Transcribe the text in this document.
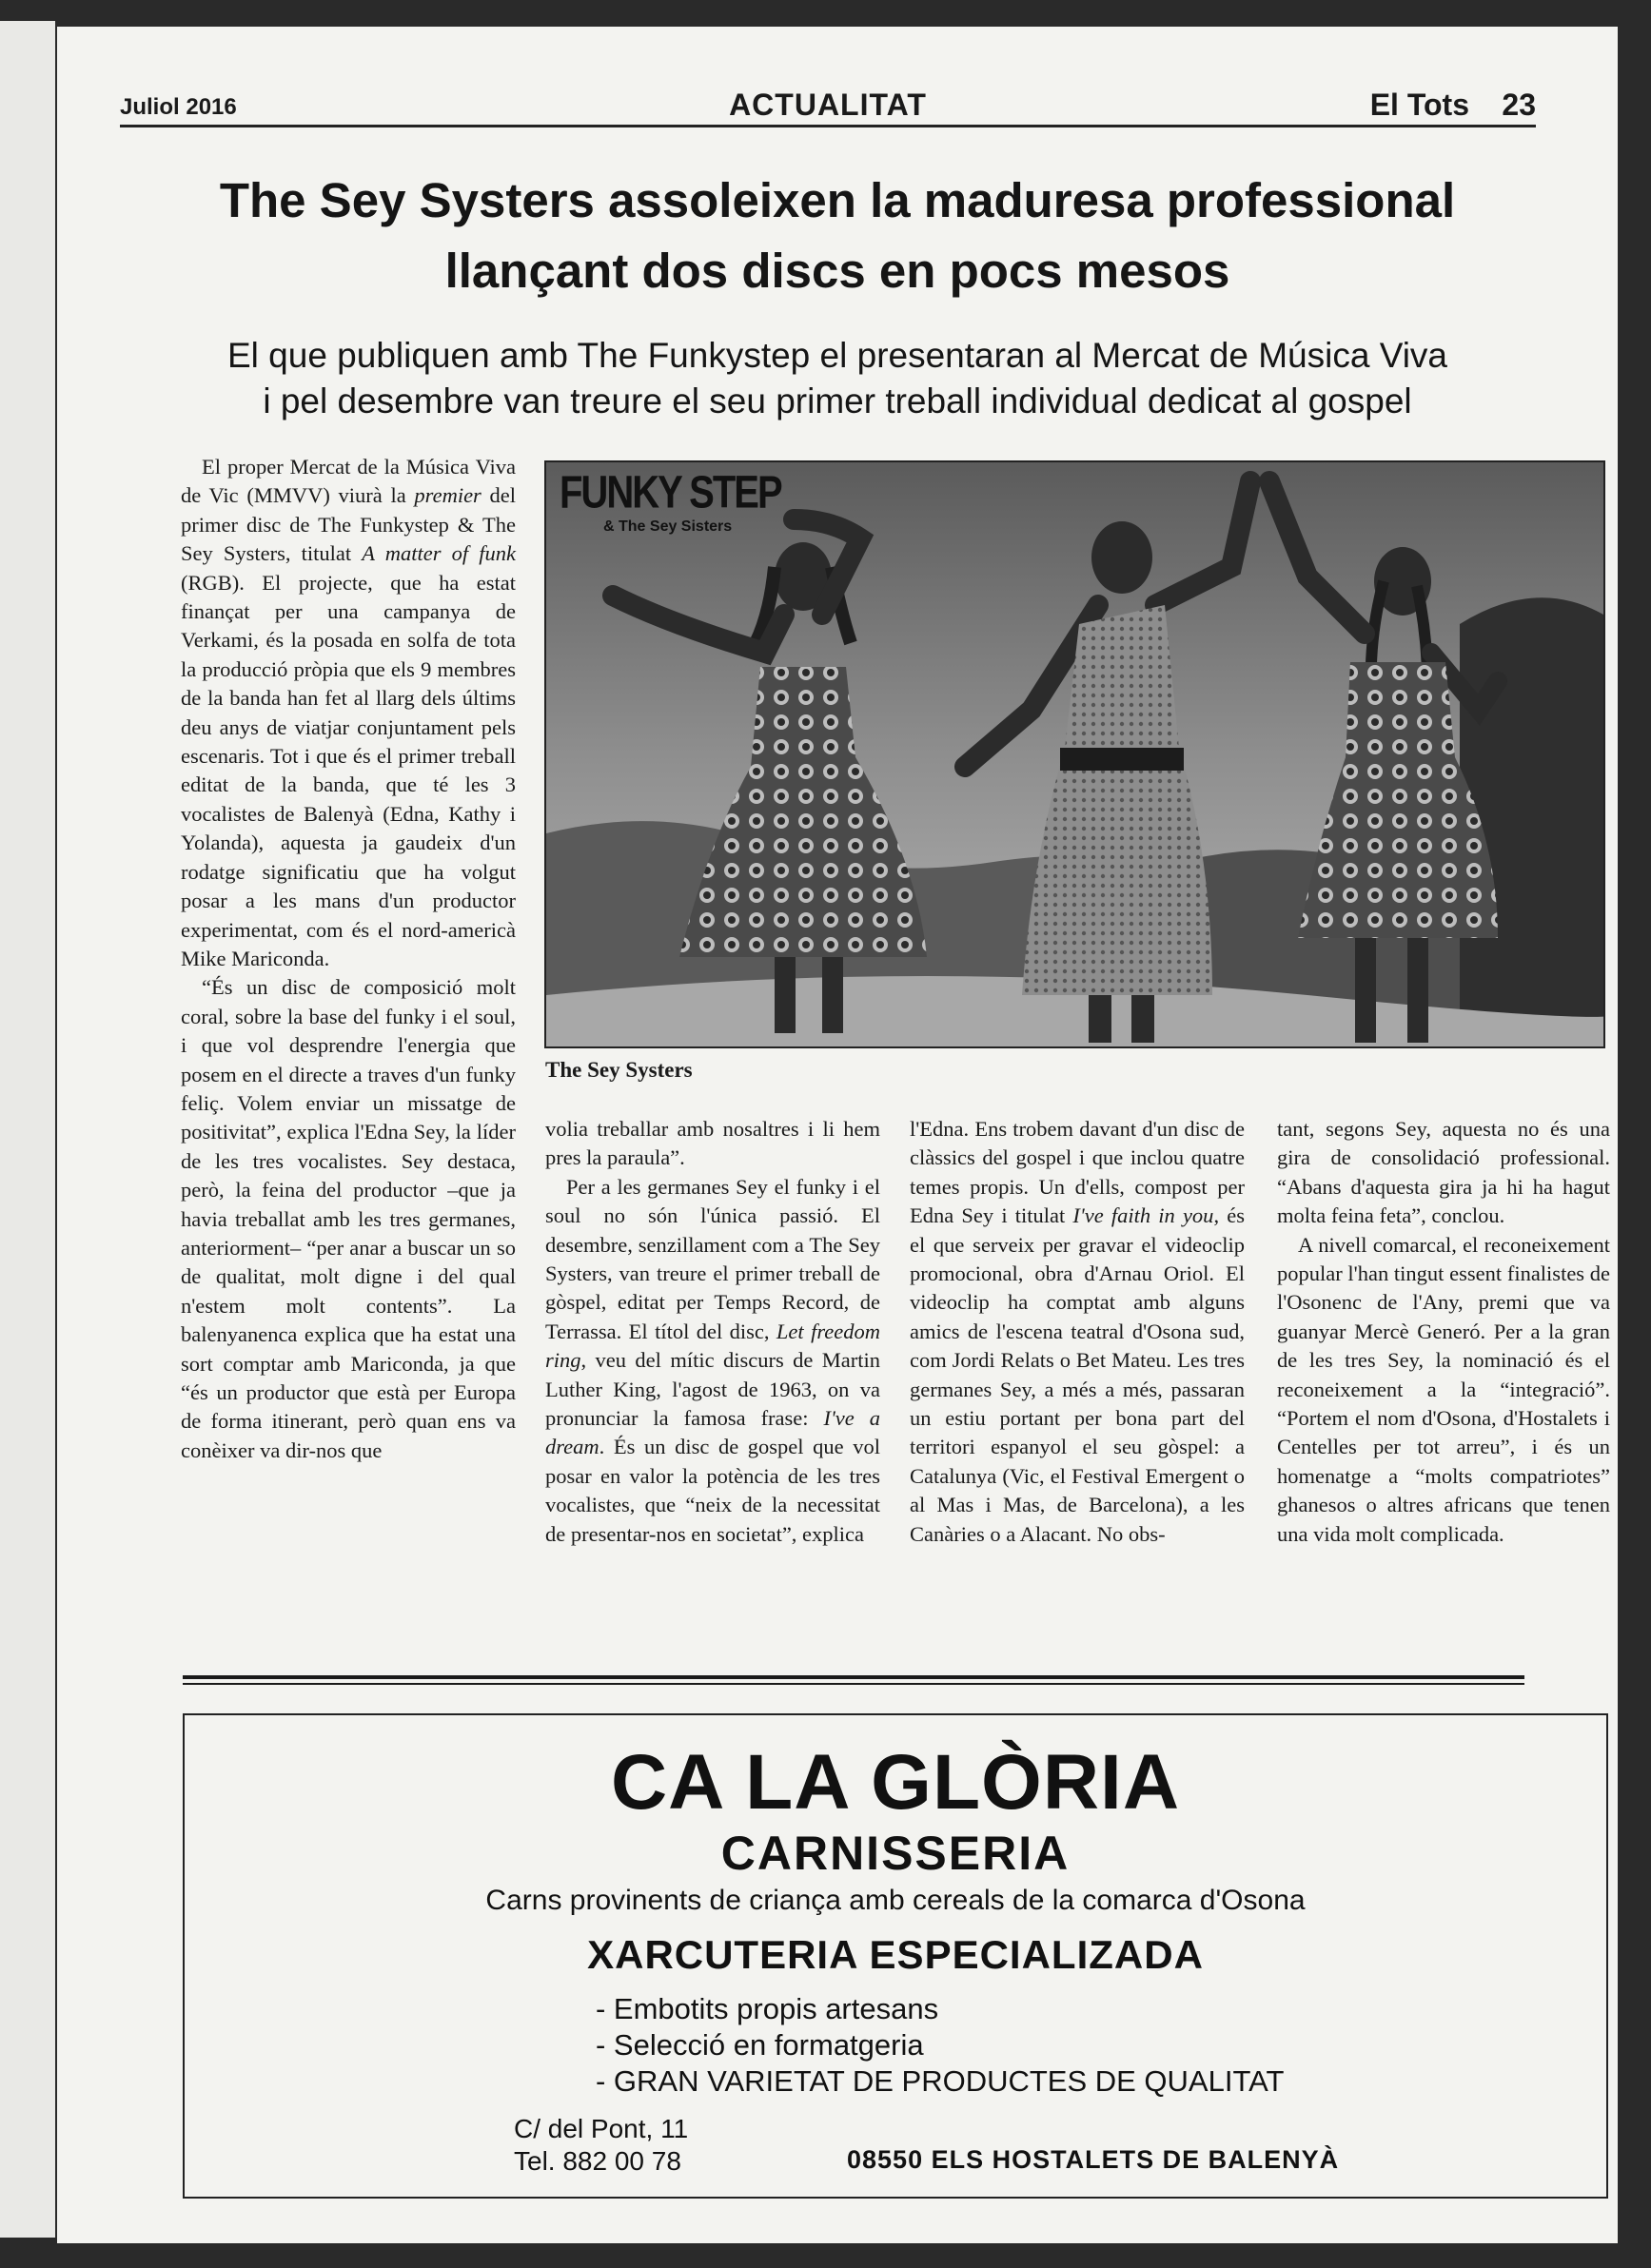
Juliol 2016	ACTUALITAT	El Tots 23
The Sey Systers assoleixen la maduresa professional
llançant dos discs en pocs mesos
El que publiquen amb The Funkystep el presentaran al Mercat de Música Viva
i pel desembre van treure el seu primer treball individual dedicat al gospel

El proper Mercat de la Música Viva de Vic (MMVV) viurà la premier del primer disc de The Funkystep & The Sey Systers, titulat A matter of funk (RGB). El projecte, que ha estat finançat per una campanya de Verkami, és la posada en solfa de tota la producció pròpia que els 9 membres de la banda han fet al llarg dels últims deu anys de viatjar conjuntament pels escenaris. Tot i que és el primer treball editat de la banda, que té les 3 vocalistes de Balenyà (Edna, Kathy i Yolanda), aquesta ja gaudeix d'un rodatge significatiu que ha volgut posar a les mans d'un productor experimentat, com és el nord-americà Mike Mariconda.

“És un disc de composició molt coral, sobre la base del funky i el soul, i que vol desprendre l'energia que posem en el directe a traves d'un funky feliç. Volem enviar un missatge de positivitat”, explica l'Edna Sey, la líder de les tres vocalistes. Sey destaca, però, la feina del productor –que ja havia treballat amb les tres germanes, anteriorment– “per anar a buscar un so de qualitat, molt digne i del qual n'estem molt contents”. La balenyanenca explica que ha estat una sort comptar amb Mariconda, ja que “és un productor que està per Europa de forma itinerant, però quan ens va conèixer va dir-nos que

FUNKY STEP
& The Sey Sisters
The Sey Systers

volia treballar amb nosaltres i li hem pres la paraula”.

Per a les germanes Sey el funky i el soul no són l'única passió. El desembre, senzillament com a The Sey Systers, van treure el primer treball de gòspel, editat per Temps Record, de Terrassa. El títol del disc, Let freedom ring, veu del mític discurs de Martin Luther King, l'agost de 1963, on va pronunciar la famosa frase: I've a dream. És un disc de gospel que vol posar en valor la potència de les tres vocalistes, que “neix de la necessitat de presentar-nos en societat”, explica

l'Edna. Ens trobem davant d'un disc de clàssics del gospel i que inclou quatre temes propis. Un d'ells, compost per Edna Sey i titulat I've faith in you, és el que serveix per gravar el videoclip promocional, obra d'Arnau Oriol. El videoclip ha comptat amb alguns amics de l'escena teatral d'Osona sud, com Jordi Relats o Bet Mateu. Les tres germanes Sey, a més a més, passaran un estiu portant per bona part del territori espanyol el seu gòspel: a Catalunya (Vic, el Festival Emergent o al Mas i Mas, de Barcelona), a les Canàries o a Alacant. No obs-

tant, segons Sey, aquesta no és una gira de consolidació professional. “Abans d'aquesta gira ja hi ha hagut molta feina feta”, conclou.

A nivell comarcal, el reconeixement popular l'han tingut essent finalistes de l'Osonenc de l'Any, premi que va guanyar Mercè Generó. Per a la gran de les tres Sey, la nominació és el reconeixement a la “integració”. “Portem el nom d'Osona, d'Hostalets i Centelles per tot arreu”, i és un homenatge a “molts compatriotes” ghanesos o altres africans que tenen una vida molt complicada.

CA LA GLÒRIA
CARNISSERIA
Carns provinents de criança amb cereals de la comarca d'Osona
XARCUTERIA ESPECIALIZADA
- Embotits propis artesans
- Selecció en formatgeria
- GRAN VARIETAT DE PRODUCTES DE QUALITAT
C/ del Pont, 11
Tel. 882 00 78	08550 ELS HOSTALETS DE BALENYÀ
